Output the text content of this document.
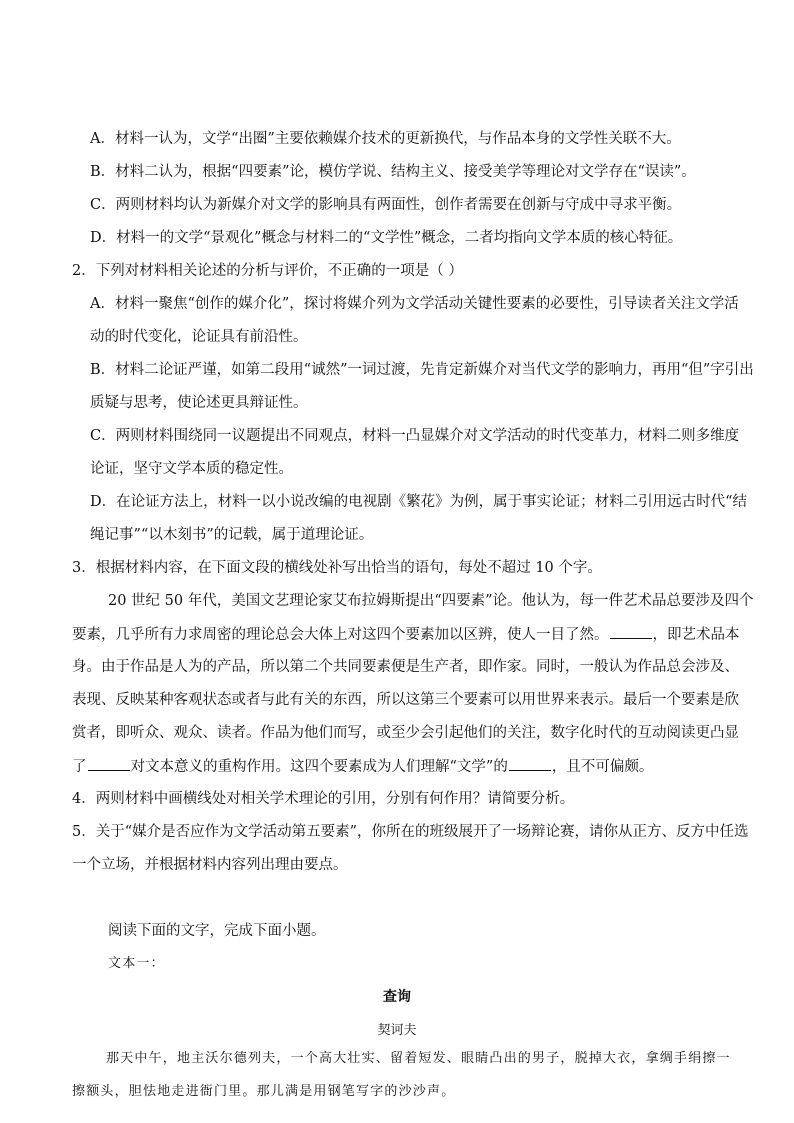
A．材料一认为，文学“出圈”主要依赖媒介技术的更新换代，与作品本身的文学性关联不大。
B．材料二认为，根据“四要素”论，模仿学说、结构主义、接受美学等理论对文学存在“误读”。
C．两则材料均认为新媒介对文学的影响具有两面性，创作者需要在创新与守成中寻求平衡。
D．材料一的文学“景观化”概念与材料二的“文学性”概念，二者均指向文学本质的核心特征。
2．下列对材料相关论述的分析与评价，不正确的一项是（ ）
A．材料一聚焦“创作的媒介化”，探讨将媒介列为文学活动关键性要素的必要性，引导读者关注文学活
动的时代变化，论证具有前沿性。
B．材料二论证严谨，如第二段用“诚然”一词过渡，先肯定新媒介对当代文学的影响力，再用“但”字引出
质疑与思考，使论述更具辩证性。
C．两则材料围绕同一议题提出不同观点，材料一凸显媒介对文学活动的时代变革力，材料二则多维度
论证，坚守文学本质的稳定性。
D．在论证方法上，材料一以小说改编的电视剧《繁花》为例，属于事实论证；材料二引用远古时代“结
绳记事”“以木刻书”的记载，属于道理论证。
3．根据材料内容，在下面文段的横线处补写出恰当的语句，每处不超过 10 个字。
20 世纪 50 年代，美国文艺理论家艾布拉姆斯提出“四要素”论。他认为，每一件艺术品总要涉及四个
要素，几乎所有力求周密的理论总会大体上对这四个要素加以区辨，使人一目了然。	，即艺术品本
身。由于作品是人为的产品，所以第二个共同要素便是生产者，即作家。同时，一般认为作品总会涉及、
表现、反映某种客观状态或者与此有关的东西，所以这第三个要素可以用世界来表示。最后一个要素是欣
赏者，即听众、观众、读者。作品为他们而写，或至少会引起他们的关注，数字化时代的互动阅读更凸显
了	对文本意义的重构作用。这四个要素成为人们理解“文学”的	，且不可偏颇。
4．两则材料中画横线处对相关学术理论的引用，分别有何作用？请简要分析。
5．关于“媒介是否应作为文学活动第五要素”，你所在的班级展开了一场辩论赛，请你从正方、反方中任选
一个立场，并根据材料内容列出理由要点。
阅读下面的文字，完成下面小题。
文本一：
查询
契诃夫
那天中午，地主沃尔德列夫，一个高大壮实、留着短发、眼睛凸出的男子，脱掉大衣，拿绸手绢擦一
擦额头，胆怯地走进衙门里。那儿满是用钢笔写字的沙沙声。
